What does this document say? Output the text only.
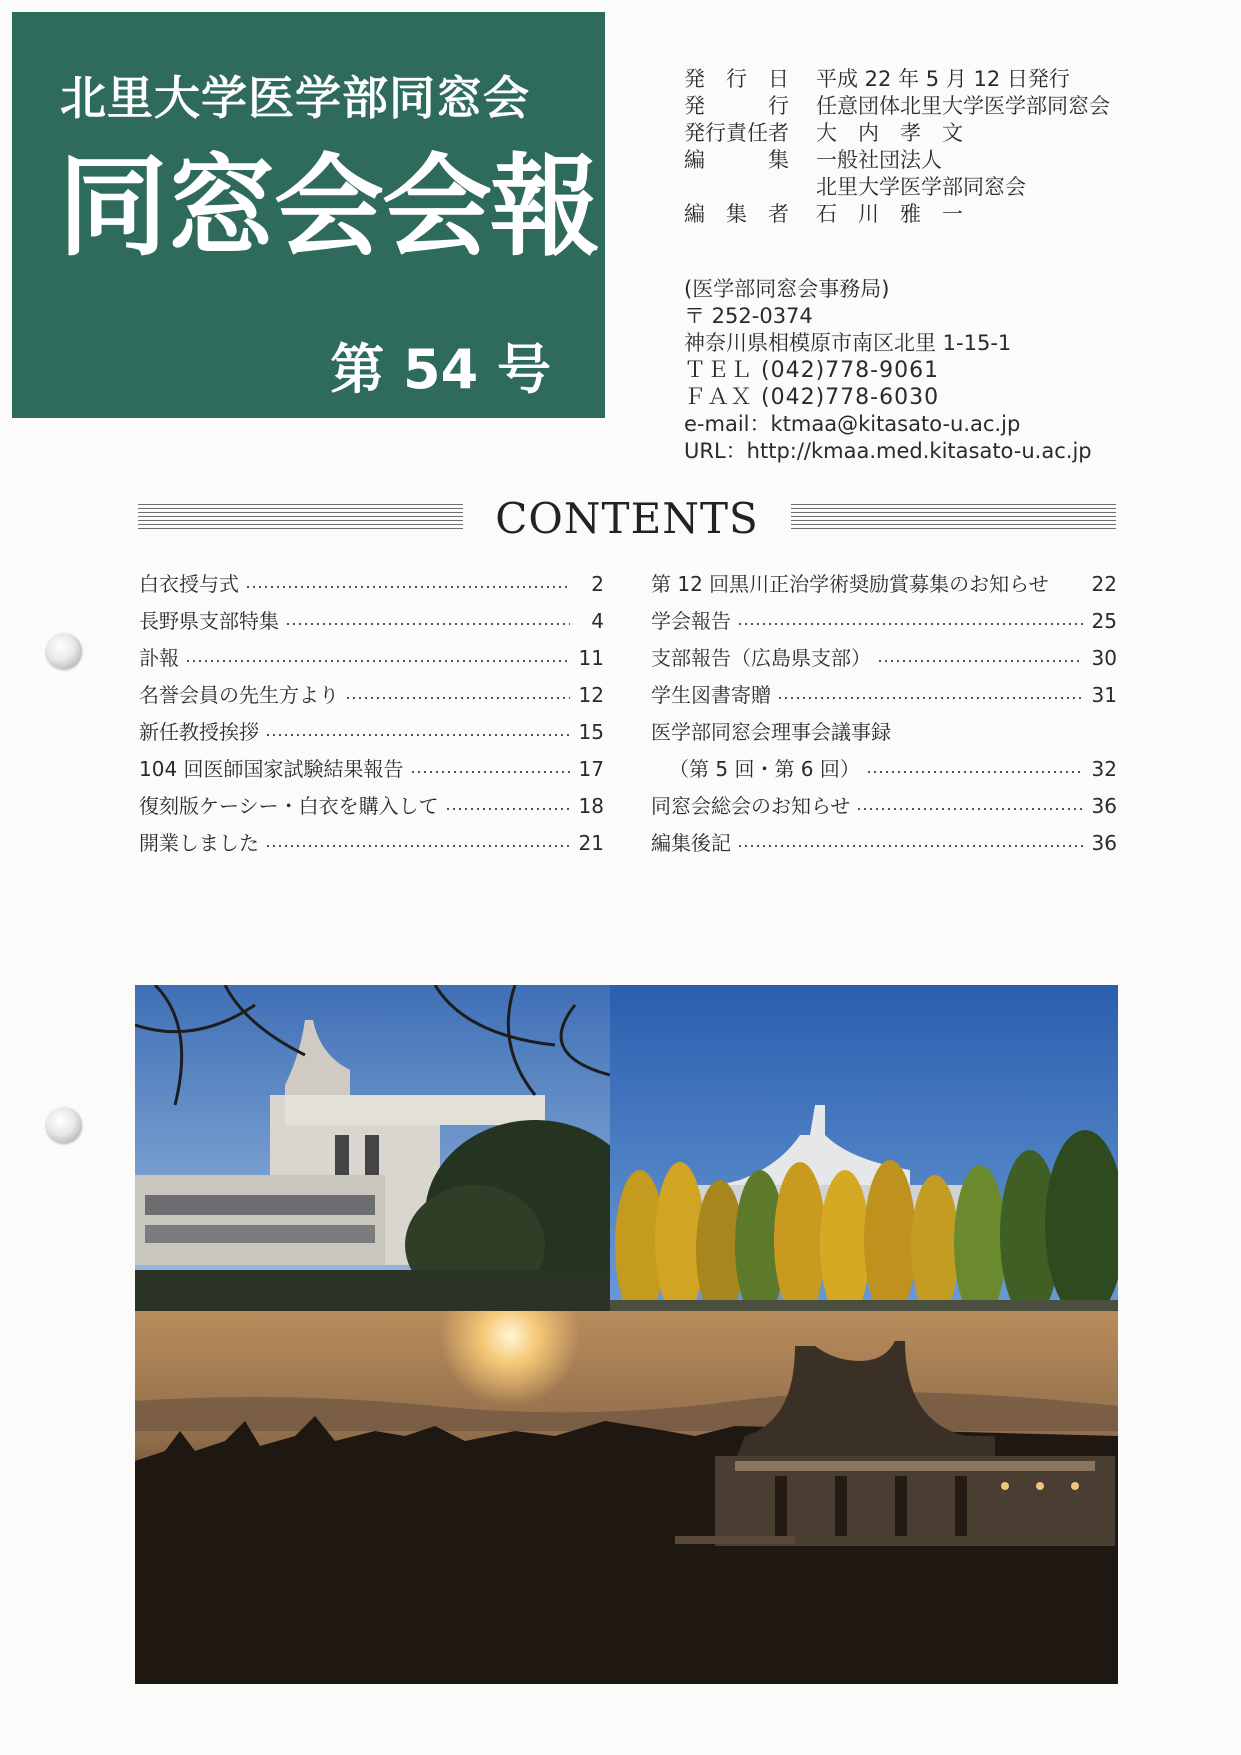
北里大学医学部同窓会
同窓会会報
第 54 号
発　行　日	平成 22 年 5 月 12 日発行
発　　　行	任意団体北里大学医学部同窓会
発行責任者	大　内　孝　文
編　　　集	一般社団法人
北里大学医学部同窓会
編　集　者	石　川　雅　一
(医学部同窓会事務局)
〒 252-0374
神奈川県相模原市南区北里 1-15-1
ＴＥＬ (042)778-9061
ＦＡＸ (042)778-6030
e-mail：ktmaa@kitasato-u.ac.jp
URL：http://kmaa.med.kitasato-u.ac.jp
CONTENTS
白衣授与式	2
長野県支部特集	4
訃報	11
名誉会員の先生方より	12
新任教授挨拶	15
104 回医師国家試験結果報告	17
復刻版ケーシー・白衣を購入して	18
開業しました	21
第 12 回黒川正治学術奨励賞募集のお知らせ 22
学会報告	25
支部報告（広島県支部）	30
学生図書寄贈	31
医学部同窓会理事会議事録
（第 5 回・第 6 回）	32
同窓会総会のお知らせ	36
編集後記	36
